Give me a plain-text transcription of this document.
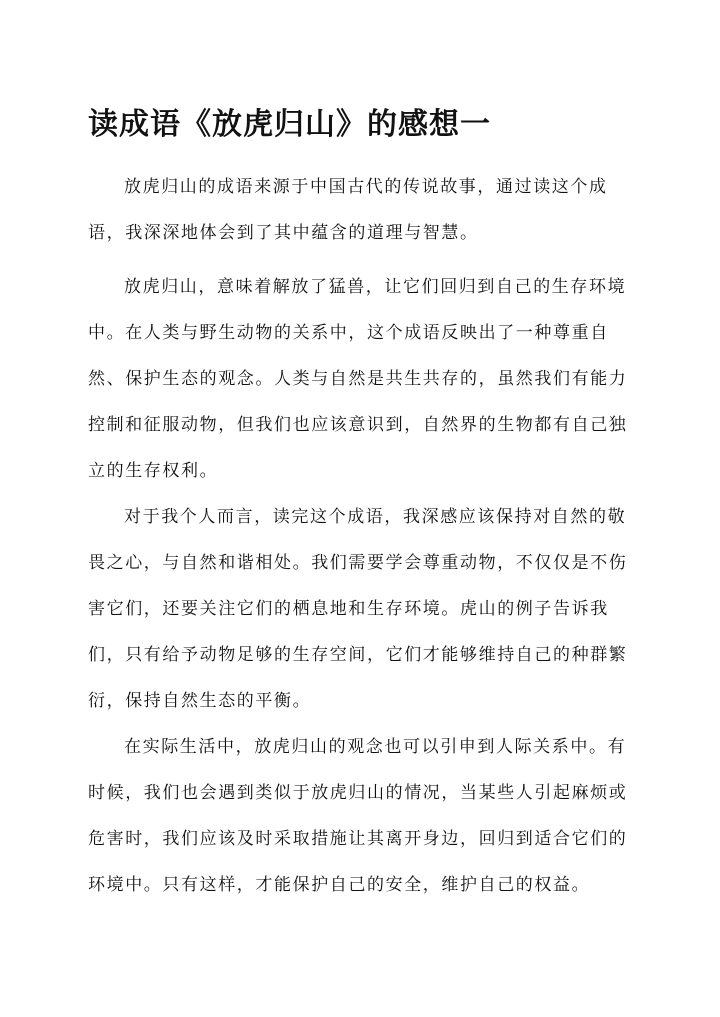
读成语《放虎归山》的感想一

放虎归山的成语来源于中国古代的传说故事，通过读这个成语，我深深地体会到了其中蕴含的道理与智慧。

放虎归山，意味着解放了猛兽，让它们回归到自己的生存环境中。在人类与野生动物的关系中，这个成语反映出了一种尊重自然、保护生态的观念。人类与自然是共生共存的，虽然我们有能力控制和征服动物，但我们也应该意识到，自然界的生物都有自己独立的生存权利。

对于我个人而言，读完这个成语，我深感应该保持对自然的敬畏之心，与自然和谐相处。我们需要学会尊重动物，不仅仅是不伤害它们，还要关注它们的栖息地和生存环境。虎山的例子告诉我们，只有给予动物足够的生存空间，它们才能够维持自己的种群繁衍，保持自然生态的平衡。

在实际生活中，放虎归山的观念也可以引申到人际关系中。有时候，我们也会遇到类似于放虎归山的情况，当某些人引起麻烦或危害时，我们应该及时采取措施让其离开身边，回归到适合它们的环境中。只有这样，才能保护自己的安全，维护自己的权益。
